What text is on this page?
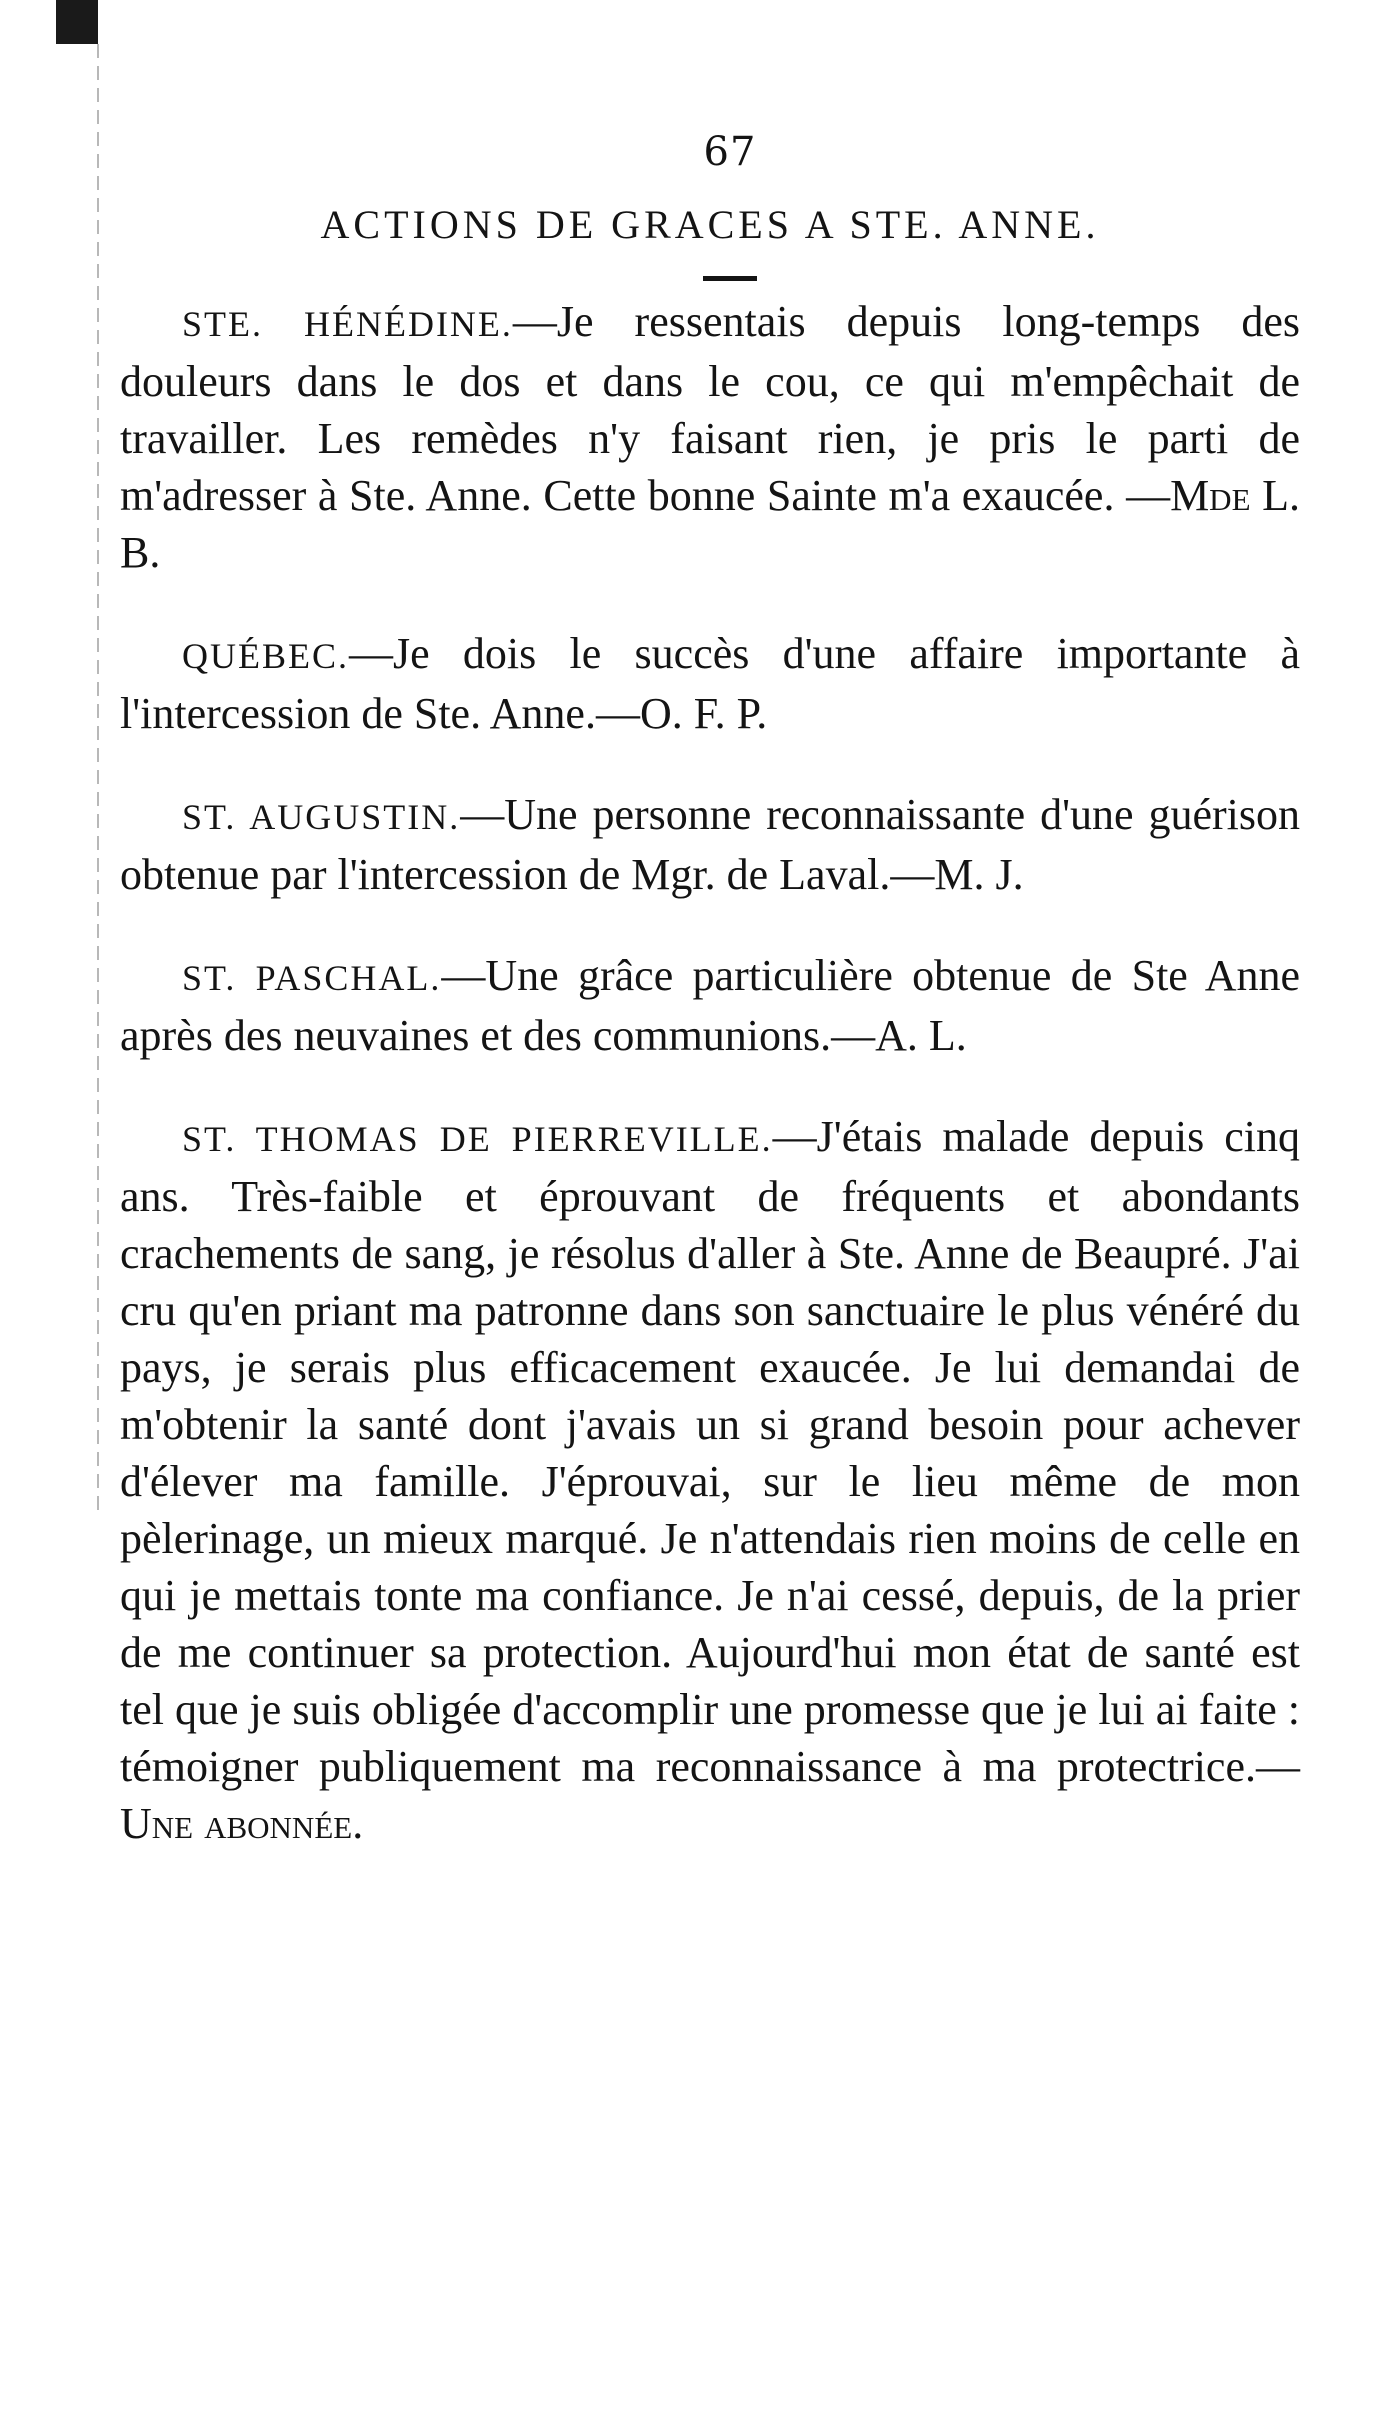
67
ACTIONS DE GRACES A STE. ANNE.

STE. HÉNÉDINE.—Je ressentais depuis long-temps des douleurs dans le dos et dans le cou, ce qui m'empêchait de travailler. Les remèdes n'y faisant rien, je pris le parti de m'adresser à Ste. Anne. Cette bonne Sainte m'a exaucée. —Mde L. B.

QUÉBEC.—Je dois le succès d'une affaire importante à l'intercession de Ste. Anne.—O. F. P.

ST. AUGUSTIN.—Une personne reconnaissante d'une guérison obtenue par l'intercession de Mgr. de Laval.—M. J.

ST. PASCHAL.—Une grâce particulière obtenue de Ste Anne après des neuvaines et des communions.—A. L.

ST. THOMAS DE PIERREVILLE.—J'étais malade depuis cinq ans. Très-faible et éprouvant de fréquents et abondants crachements de sang, je résolus d'aller à Ste. Anne de Beaupré. J'ai cru qu'en priant ma patronne dans son sanctuaire le plus vénéré du pays, je serais plus efficacement exaucée. Je lui demandai de m'obtenir la santé dont j'avais un si grand besoin pour achever d'élever ma famille. J'éprouvai, sur le lieu même de mon pèlerinage, un mieux marqué. Je n'attendais rien moins de celle en qui je mettais tonte ma confiance. Je n'ai cessé, depuis, de la prier de me continuer sa protection. Aujourd'hui mon état de santé est tel que je suis obligée d'accomplir une promesse que je lui ai faite : témoigner publiquement ma reconnaissance à ma protectrice.—Une abonnée.
